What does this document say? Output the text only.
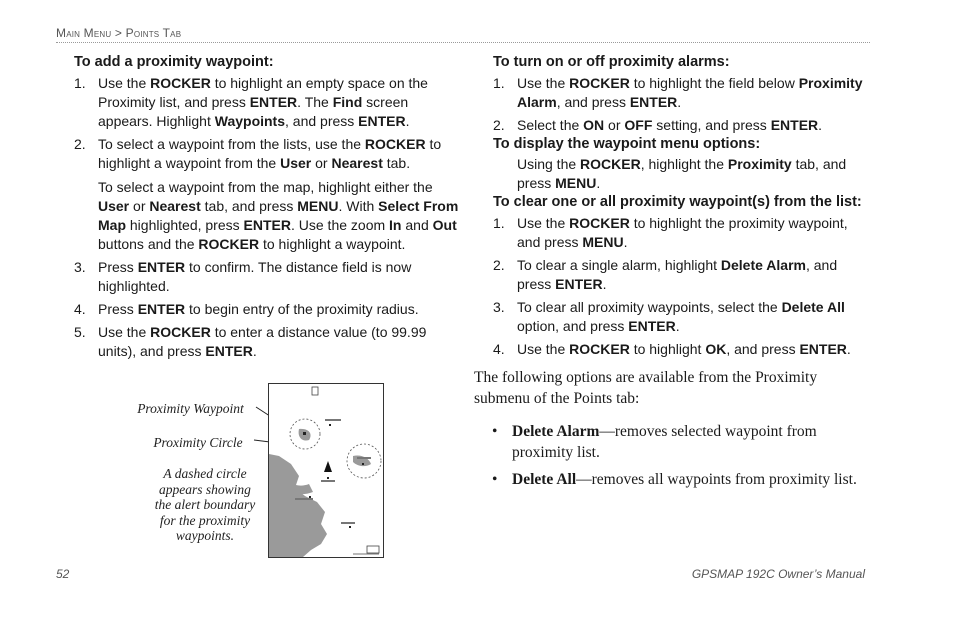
Main Menu > Points Tab
To add a proximity waypoint:
1. Use the ROCKER to highlight an empty space on the Proximity list, and press ENTER. The Find screen appears. Highlight Waypoints, and press ENTER.

2. To select a waypoint from the lists, use the ROCKER to highlight a waypoint from the User or Nearest tab.

To select a waypoint from the map, highlight either the User or Nearest tab, and press MENU. With Select From Map highlighted, press ENTER. Use the zoom In and Out buttons and the ROCKER to highlight a waypoint.

3. Press ENTER to confirm. The distance field is now highlighted.

4. Press ENTER to begin entry of the proximity radius.

5. Use the ROCKER to enter a distance value (to 99.99 units), and press ENTER.

Proximity Waypoint
Proximity Circle
A dashed circle appears showing the alert boundary for the proximity waypoints.
To turn on or off proximity alarms:
1. Use the ROCKER to highlight the field below Proximity Alarm, and press ENTER.

2. Select the ON or OFF setting, and press ENTER.

To display the waypoint menu options:

Using the ROCKER, highlight the Proximity tab, and press MENU.

To clear one or all proximity waypoint(s) from the list:
1. Use the ROCKER to highlight the proximity waypoint, and press MENU.

2. To clear a single alarm, highlight Delete Alarm, and press ENTER.

3. To clear all proximity waypoints, select the Delete All option, and press ENTER.

4. Use the ROCKER to highlight OK, and press ENTER.

The following options are available from the Proximity submenu of the Points tab:

• Delete Alarm—removes selected waypoint from proximity list.
• Delete All—removes all waypoints from proximity list.
52	GPSMAP 192C Owner’s Manual
